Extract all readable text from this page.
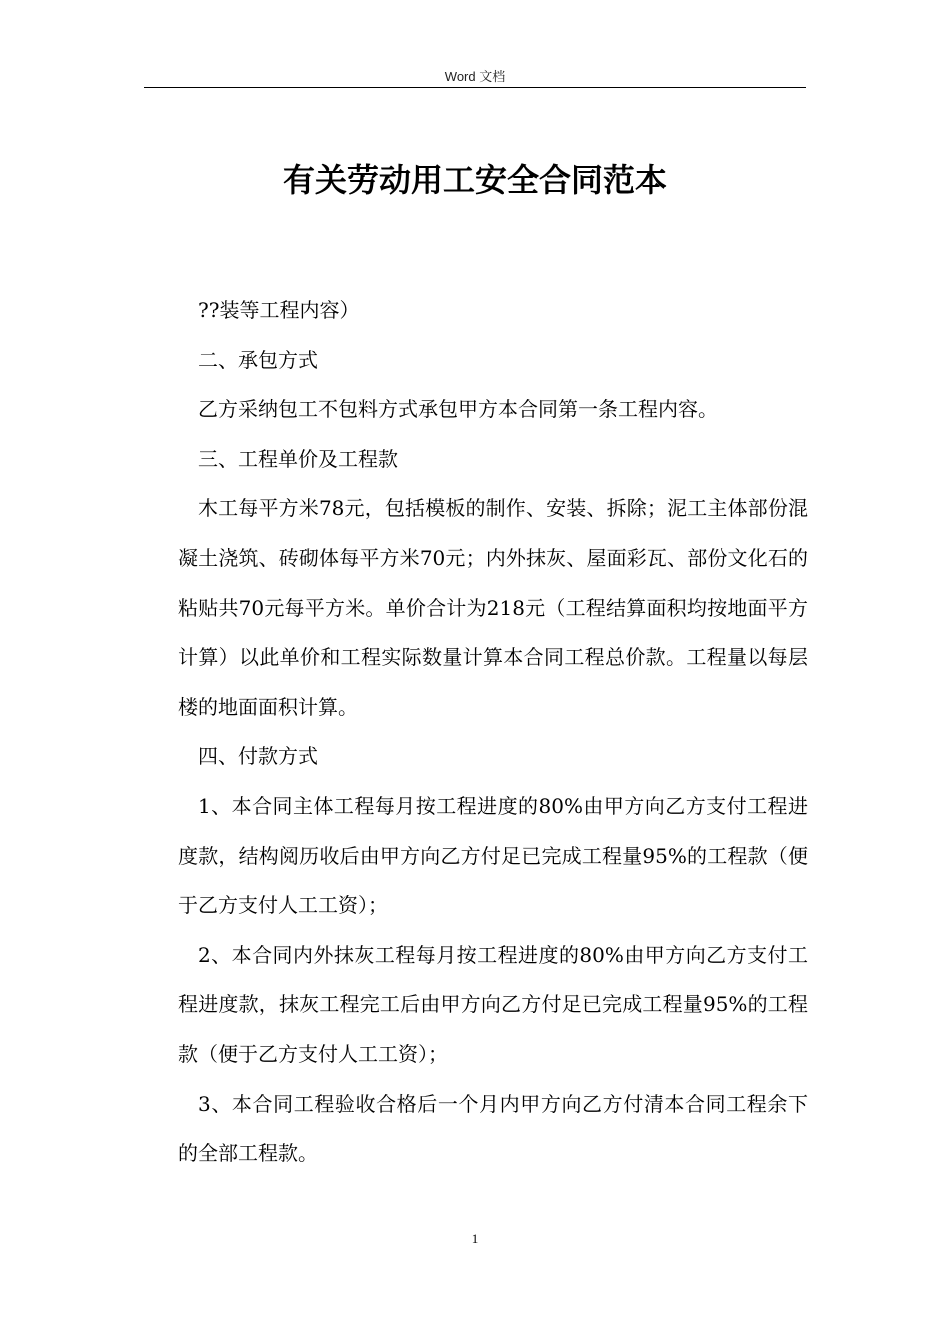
Word 文档
有关劳动用工安全合同范本

??装等工程内容）

二、承包方式

乙方采纳包工不包料方式承包甲方本合同第一条工程内容。

三、工程单价及工程款

木工每平方米78元，包括模板的制作、安装、拆除；泥工主体部份混凝土浇筑、砖砌体每平方米70元；内外抹灰、屋面彩瓦、部份文化石的粘贴共70元每平方米。单价合计为218元（工程结算面积均按地面平方计算）以此单价和工程实际数量计算本合同工程总价款。工程量以每层楼的地面面积计算。

四、付款方式

1、本合同主体工程每月按工程进度的80%由甲方向乙方支付工程进度款，结构阅历收后由甲方向乙方付足已完成工程量95%的工程款（便于乙方支付人工工资）；

2、本合同内外抹灰工程每月按工程进度的80%由甲方向乙方支付工程进度款，抹灰工程完工后由甲方向乙方付足已完成工程量95%的工程款（便于乙方支付人工工资）；

3、本合同工程验收合格后一个月内甲方向乙方付清本合同工程余下的全部工程款。

1
